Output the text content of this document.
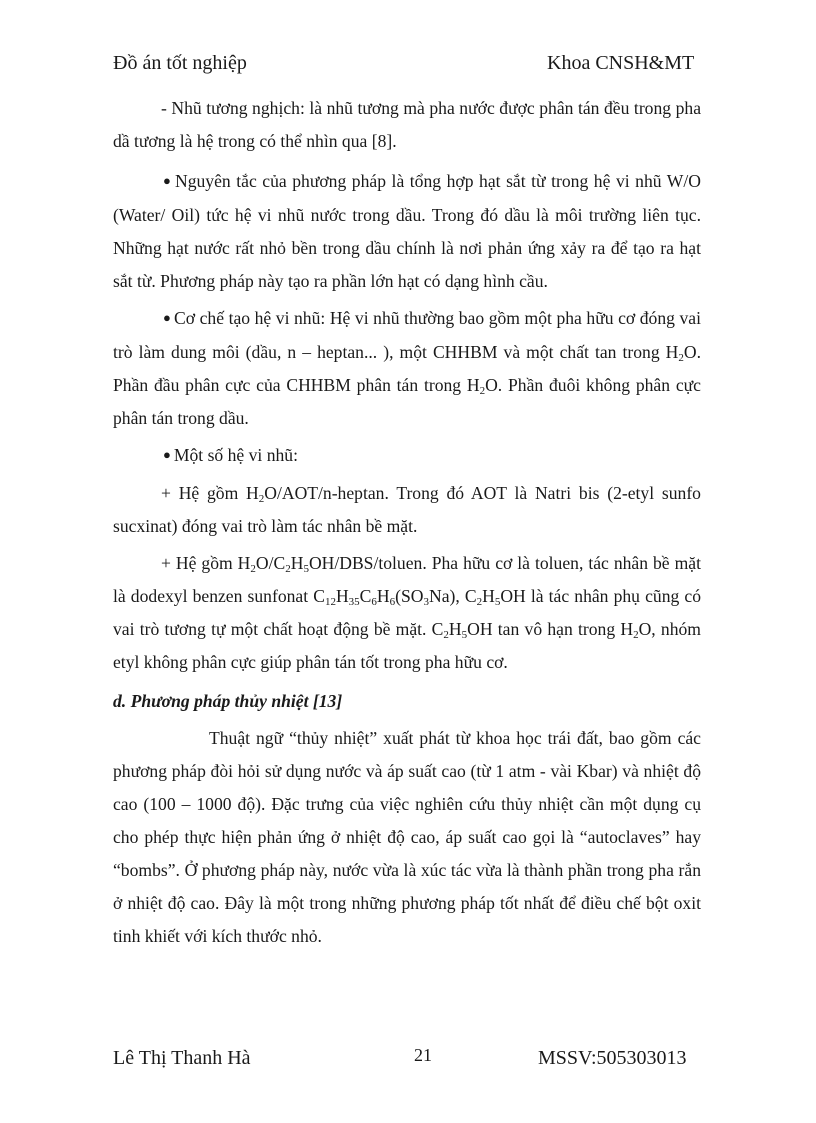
Đồ án tốt nghiệp	Khoa CNSH&MT

- Nhũ tương nghịch: là nhũ tương mà pha nước được phân tán đều trong pha dầ tương là hệ trong có thể nhìn qua [8].

● Nguyên tắc của phương pháp là tổng hợp hạt sắt từ trong hệ vi nhũ W/O (Water/ Oil) tức hệ vi nhũ nước trong dầu. Trong đó dầu là môi trường liên tục. Những hạt nước rất nhỏ bền trong dầu chính là nơi phản ứng xảy ra để tạo ra hạt sắt từ. Phương pháp này tạo ra phần lớn hạt có dạng hình cầu.

● Cơ chế tạo hệ vi nhũ: Hệ vi nhũ thường bao gồm một pha hữu cơ đóng vai trò làm dung môi (dầu, n – heptan... ), một CHHBM và một chất tan trong $H_2O$. Phần đầu phân cực của CHHBM phân tán trong $H_2O$. Phần đuôi không phân cực phân tán trong dầu.

● Một số hệ vi nhũ:

+ Hệ gồm $H_2O/AOT/n$-heptan. Trong đó AOT là Natri bis (2-etyl sunfo sucxinat) đóng vai trò làm tác nhân bề mặt.

+ Hệ gồm $H_2O/C_2H_5OH/DBS$/toluen. Pha hữu cơ là toluen, tác nhân bề mặt là dodexyl benzen sunfonat $C_{12}H_{35}C_6H_6(SO_3Na)$, $C_2H_5OH$ là tác nhân phụ cũng có vai trò tương tự một chất hoạt động bề mặt. $C_2H_5OH$ tan vô hạn trong $H_2O$, nhóm etyl không phân cực giúp phân tán tốt trong pha hữu cơ.

d. Phương pháp thủy nhiệt [13]

Thuật ngữ “thủy nhiệt” xuất phát từ khoa học trái đất, bao gồm các phương pháp đòi hỏi sử dụng nước và áp suất cao (từ 1 atm - vài Kbar) và nhiệt độ cao (100 – 1000 độ). Đặc trưng của việc nghiên cứu thủy nhiệt cần một dụng cụ cho phép thực hiện phản ứng ở nhiệt độ cao, áp suất cao gọi là “autoclaves” hay “bombs”. Ở phương pháp này, nước vừa là xúc tác vừa là thành phần trong pha rắn ở nhiệt độ cao. Đây là một trong những phương pháp tốt nhất để điều chế bột oxit tinh khiết với kích thước nhỏ.

Lê Thị Thanh Hà	21	MSSV:505303013
